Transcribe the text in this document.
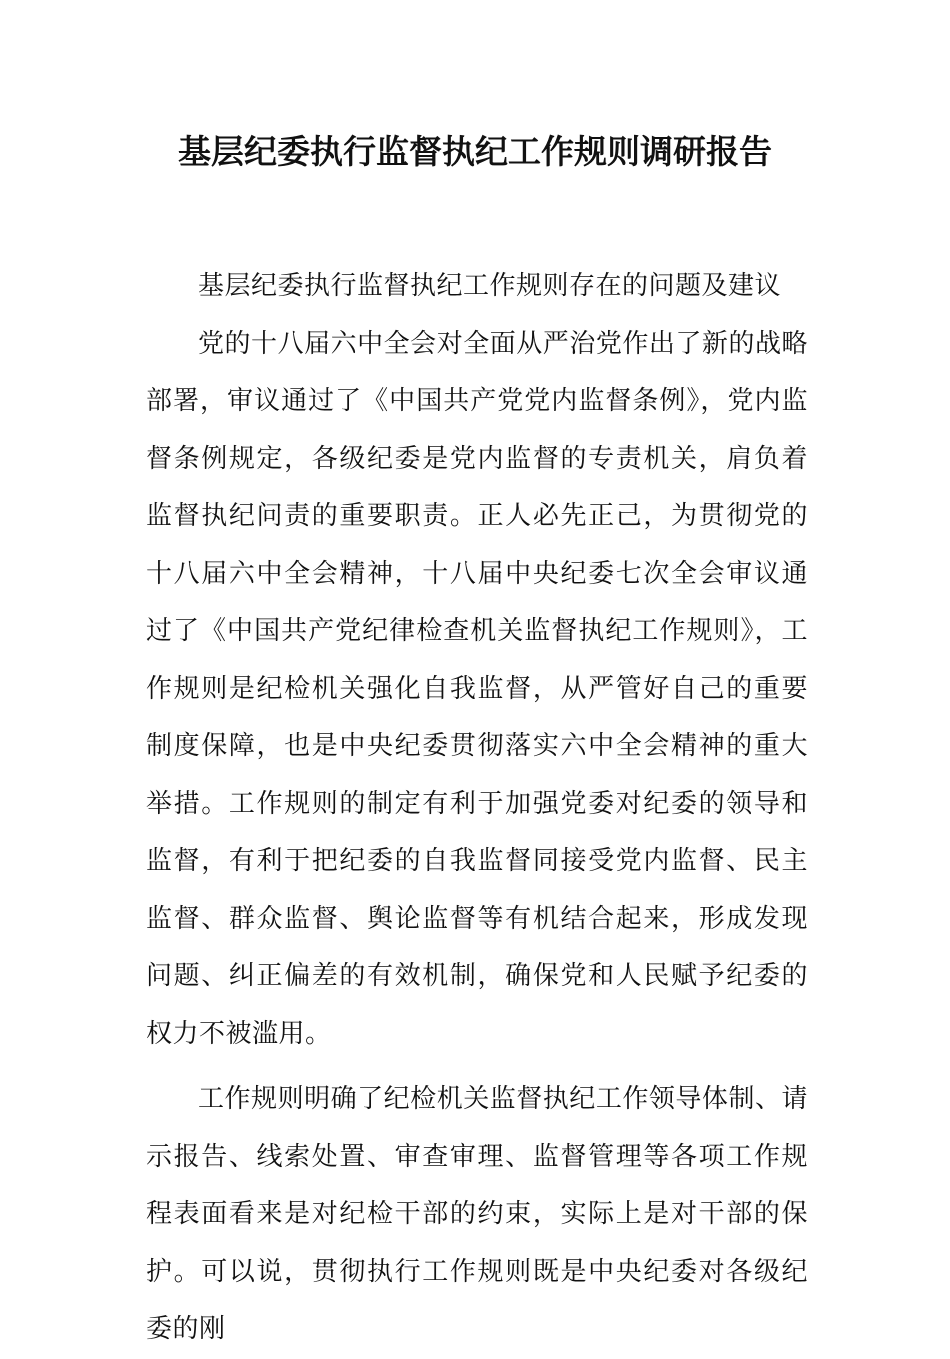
基层纪委执行监督执纪工作规则调研报告

基层纪委执行监督执纪工作规则存在的问题及建议

党的十八届六中全会对全面从严治党作出了新的战略部署，审议通过了《中国共产党党内监督条例》，党内监督条例规定，各级纪委是党内监督的专责机关，肩负着监督执纪问责的重要职责。正人必先正己，为贯彻党的十八届六中全会精神，十八届中央纪委七次全会审议通过了《中国共产党纪律检查机关监督执纪工作规则》，工作规则是纪检机关强化自我监督，从严管好自己的重要制度保障，也是中央纪委贯彻落实六中全会精神的重大举措。工作规则的制定有利于加强党委对纪委的领导和监督，有利于把纪委的自我监督同接受党内监督、民主监督、群众监督、舆论监督等有机结合起来，形成发现问题、纠正偏差的有效机制，确保党和人民赋予纪委的权力不被滥用。

工作规则明确了纪检机关监督执纪工作领导体制、请示报告、线索处置、审查审理、监督管理等各项工作规程表面看来是对纪检干部的约束，实际上是对干部的保护。可以说，贯彻执行工作规则既是中央纪委对各级纪委的刚
